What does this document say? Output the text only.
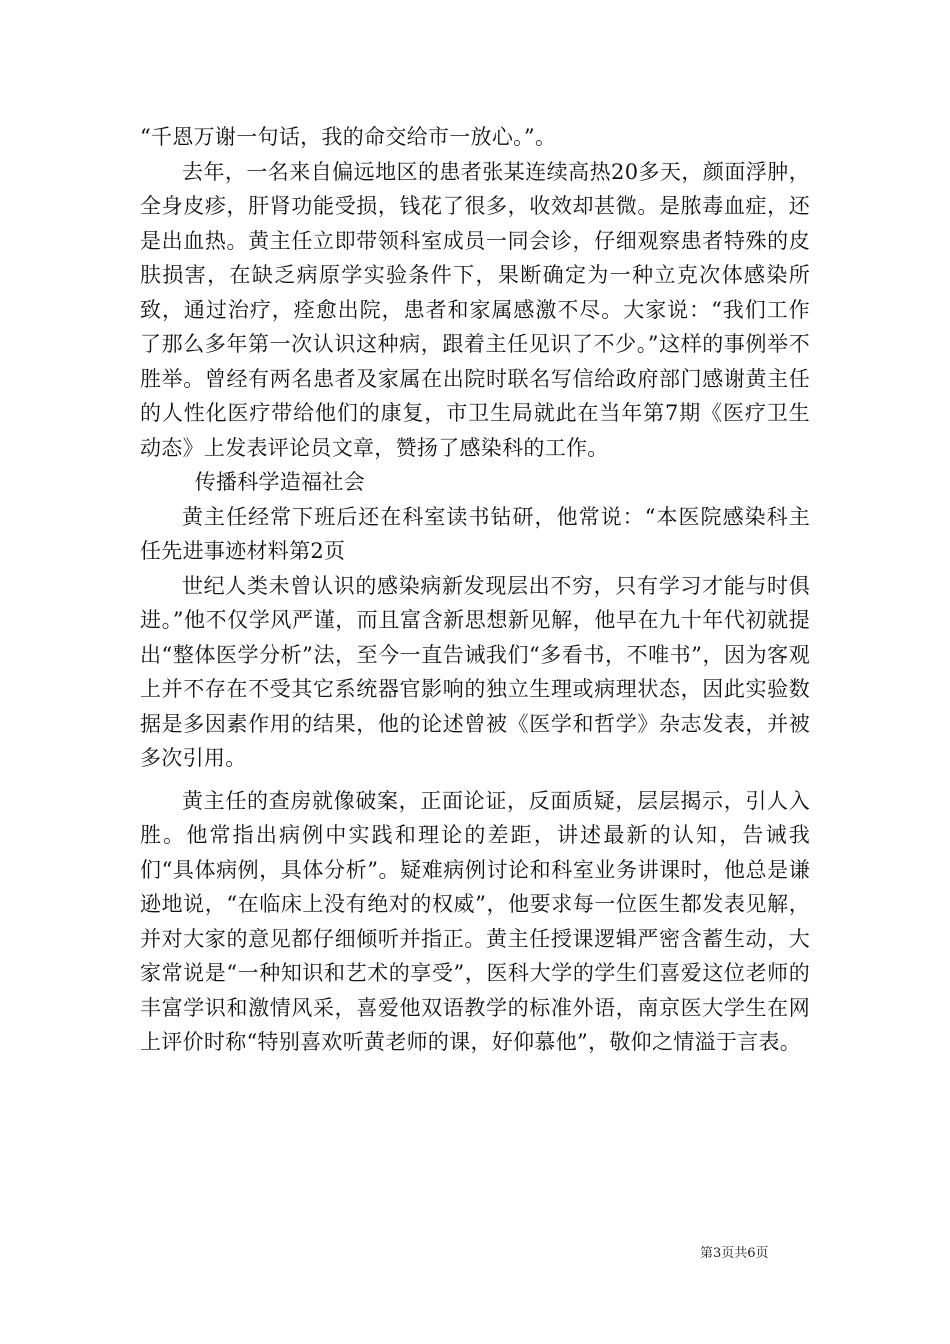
“千恩万谢一句话，我的命交给市一放心。”。

去年，一名来自偏远地区的患者张某连续高热20多天，颜面浮肿，全身皮疹，肝肾功能受损，钱花了很多，收效却甚微。是脓毒血症，还是出血热。黄主任立即带领科室成员一同会诊，仔细观察患者特殊的皮肤损害，在缺乏病原学实验条件下，果断确定为一种立克次体感染所致，通过治疗，痊愈出院，患者和家属感激不尽。大家说：“我们工作了那么多年第一次认识这种病，跟着主任见识了不少。”这样的事例举不胜举。曾经有两名患者及家属在出院时联名写信给政府部门感谢黄主任的人性化医疗带给他们的康复，市卫生局就此在当年第7期《医疗卫生动态》上发表评论员文章，赞扬了感染科的工作。

传播科学造福社会

黄主任经常下班后还在科室读书钻研，他常说：“本医院感染科主任先进事迹材料第2页

世纪人类未曾认识的感染病新发现层出不穷，只有学习才能与时俱进。”他不仅学风严谨，而且富含新思想新见解，他早在九十年代初就提出“整体医学分析”法，至今一直告诫我们“多看书，不唯书”，因为客观上并不存在不受其它系统器官影响的独立生理或病理状态，因此实验数据是多因素作用的结果，他的论述曾被《医学和哲学》杂志发表，并被多次引用。

黄主任的查房就像破案，正面论证，反面质疑，层层揭示，引人入胜。他常指出病例中实践和理论的差距，讲述最新的认知，告诫我们“具体病例，具体分析”。疑难病例讨论和科室业务讲课时，他总是谦逊地说，“在临床上没有绝对的权威”，他要求每一位医生都发表见解，并对大家的意见都仔细倾听并指正。黄主任授课逻辑严密含蓄生动，大家常说是“一种知识和艺术的享受”，医科大学的学生们喜爱这位老师的丰富学识和激情风采，喜爱他双语教学的标准外语，南京医大学生在网上评价时称“特别喜欢听黄老师的课，好仰慕他”，敬仰之情溢于言表。

第3页共6页
